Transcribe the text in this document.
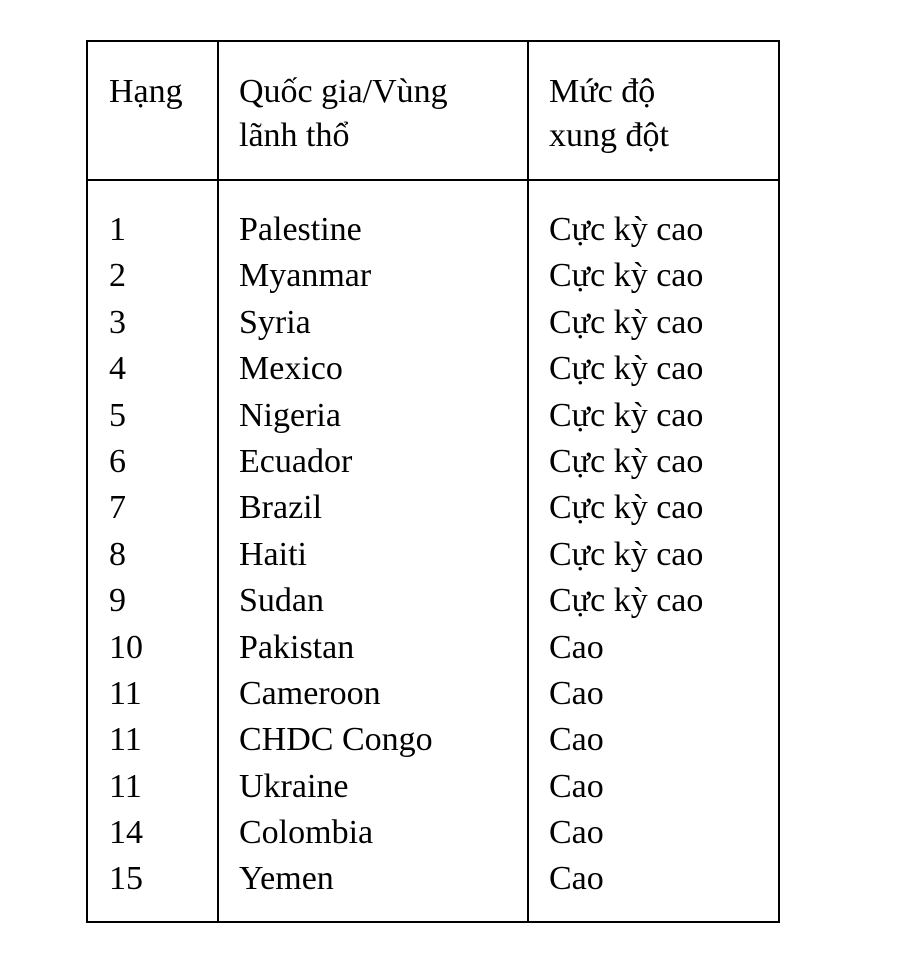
Hạng Quốc gia/Vùng
lãnh thổ
Mức độ
xung đột
1
2
3
4
5
6
7
8
9
10
11
11
11
14
15
Palestine
Myanmar
Syria
Mexico
Nigeria
Ecuador
Brazil
Haiti
Sudan
Pakistan
Cameroon
CHDC Congo
Ukraine
Colombia
Yemen
Cực kỳ cao
Cực kỳ cao
Cực kỳ cao
Cực kỳ cao
Cực kỳ cao
Cực kỳ cao
Cực kỳ cao
Cực kỳ cao
Cực kỳ cao
Cao
Cao
Cao
Cao
Cao
Cao
